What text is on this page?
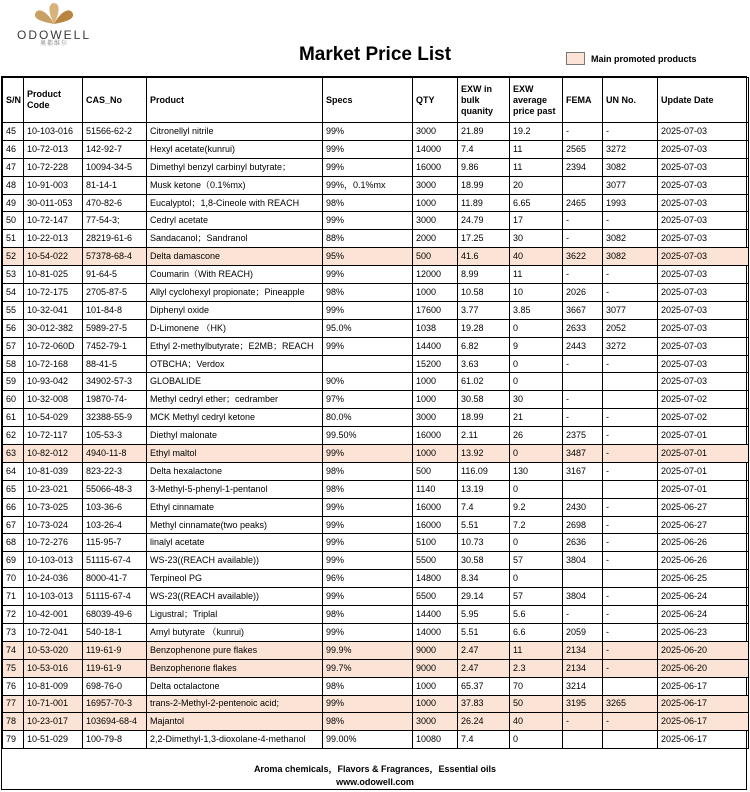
ODOWELL
奥都维尔	Market Price List	Main promoted products
S/N	Product Code	CAS_No	Product	Specs	QTY	EXW in bulk quanity	EXW average price past	FEMA	UN No.	Update Date
45	10-103-016	51566-62-2	Citronellyl nitrile	99%	3000	21.89	19.2	-	-	2025-07-03
46	10-72-013	142-92-7	Hexyl acetate(kunrui)	99%	14000	7.4	11	2565	3272	2025-07-03
47	10-72-228	10094-34-5	Dimethyl benzyl carbinyl butyrate；	99%	16000	9.86	11	2394	3082	2025-07-03
48	10-91-003	81-14-1	Musk ketone（0.1%mx)	99%，0.1%mx	3000	18.99	20		3077	2025-07-03
49	30-011-053	470-82-6	Eucalyptol；1,8-Cineole with REACH	98%	1000	11.89	6.65	2465	1993	2025-07-03
50	10-72-147	77-54-3;	Cedryl acetate	99%	3000	24.79	17	-	-	2025-07-03
51	10-22-013	28219-61-6	Sandacanol；Sandranol	88%	2000	17.25	30	-	3082	2025-07-03
52	10-54-022	57378-68-4	Delta damascone	95%	500	41.6	40	3622	3082	2025-07-03
53	10-81-025	91-64-5	Coumarin（With REACH)	99%	12000	8.99	11	-	-	2025-07-03
54	10-72-175	2705-87-5	Allyl cyclohexyl propionate；Pineapple	98%	1000	10.58	10	2026	-	2025-07-03
55	10-32-041	101-84-8	Diphenyl oxide	99%	17600	3.77	3.85	3667	3077	2025-07-03
56	30-012-382	5989-27-5	D-Limonene （HK)	95.0%	1038	19.28	0	2633	2052	2025-07-03
57	10-72-060D	7452-79-1	Ethyl 2-methylbutyrate；E2MB；REACH	99%	14400	6.82	9	2443	3272	2025-07-03
58	10-72-168	88-41-5	OTBCHA；Verdox		15200	3.63	0	-	-	2025-07-03
59	10-93-042	34902-57-3	GLOBALIDE	90%	1000	61.02	0			2025-07-03
60	10-32-008	19870-74-	Methyl cedryl ether；cedramber	97%	1000	30.58	30	-		2025-07-02
61	10-54-029	32388-55-9	MCK Methyl cedryl ketone	80.0%	3000	18.99	21	-	-	2025-07-02
62	10-72-117	105-53-3	Diethyl malonate	99.50%	16000	2.11	26	2375	-	2025-07-01
63	10-82-012	4940-11-8	Ethyl maltol	99%	1000	13.92	0	3487	-	2025-07-01
64	10-81-039	823-22-3	Delta hexalactone	98%	500	116.09	130	3167	-	2025-07-01
65	10-23-021	55066-48-3	3-Methyl-5-phenyl-1-pentanol	98%	1140	13.19	0			2025-07-01
66	10-73-025	103-36-6	Ethyl cinnamate	99%	16000	7.4	9.2	2430	-	2025-06-27
67	10-73-024	103-26-4	Methyl cinnamate(two peaks)	99%	16000	5.51	7.2	2698	-	2025-06-27
68	10-72-276	115-95-7	linalyl acetate	99%	5100	10.73	0	2636	-	2025-06-26
69	10-103-013	51115-67-4	WS-23((REACH available))	99%	5500	30.58	57	3804	-	2025-06-26
70	10-24-036	8000-41-7	Terpineol PG	96%	14800	8.34	0			2025-06-25
71	10-103-013	51115-67-4	WS-23((REACH available))	99%	5500	29.14	57	3804	-	2025-06-24
72	10-42-001	68039-49-6	Ligustral；Triplal	98%	14400	5.95	5.6	-	-	2025-06-24
73	10-72-041	540-18-1	Amyl butyrate （kunrui)	99%	14000	5.51	6.6	2059	-	2025-06-23
74	10-53-020	119-61-9	Benzophenone pure flakes	99.9%	9000	2.47	11	2134	-	2025-06-20
75	10-53-016	119-61-9	Benzophenone flakes	99.7%	9000	2.47	2.3	2134	-	2025-06-20
76	10-81-009	698-76-0	Delta octalactone	98%	1000	65.37	70	3214		2025-06-17
77	10-71-001	16957-70-3	trans-2-Methyl-2-pentenoic acid;	99%	1000	37.83	50	3195	3265	2025-06-17
78	10-23-017	103694-68-4	Majantol	98%	3000	26.24	40	-	-	2025-06-17
79	10-51-029	100-79-8	2,2-Dimethyl-1,3-dioxolane-4-methanol	99.00%	10080	7.4	0			2025-06-17
Aroma chemicals，Flavors & Fragrances，Essential oils
www.odowell.com
